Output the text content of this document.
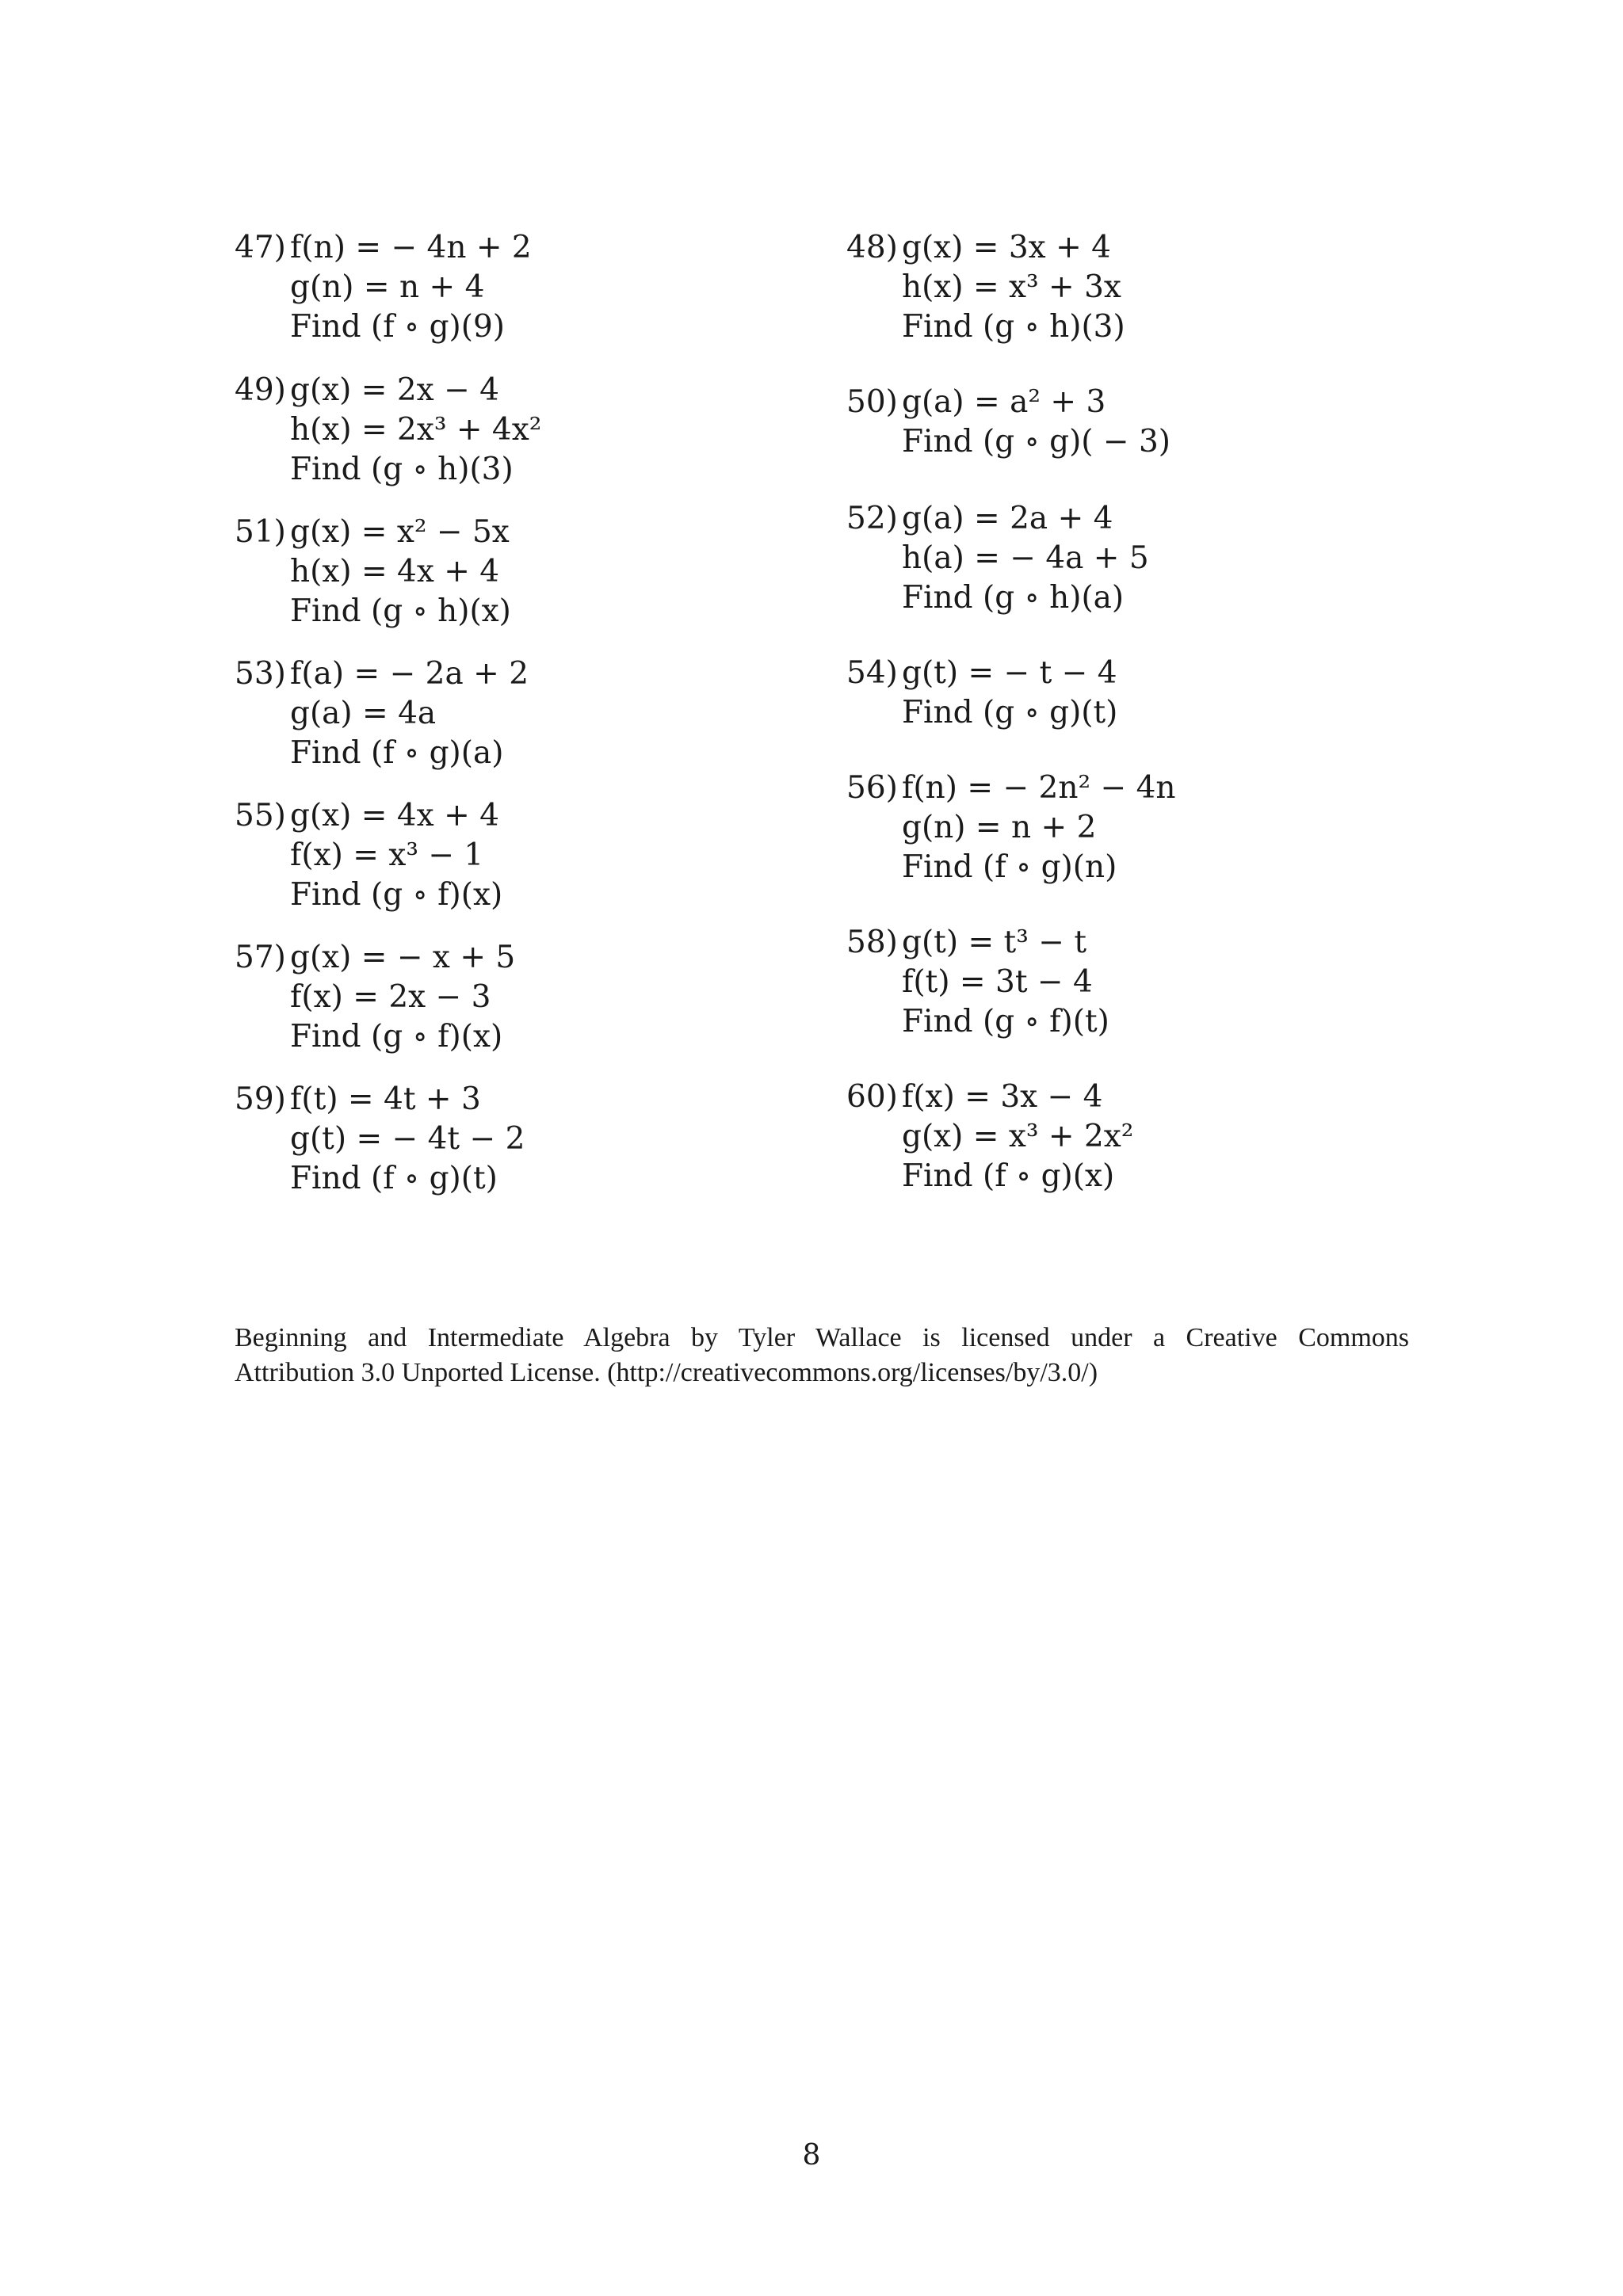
47) f(n) = − 4n + 2
g(n) = n + 4
Find (f ∘ g)(9)
49) g(x) = 2x − 4
h(x) = 2x³ + 4x²
Find (g ∘ h)(3)
51) g(x) = x² − 5x
h(x) = 4x + 4
Find (g ∘ h)(x)
53) f(a) = − 2a + 2
g(a) = 4a
Find (f ∘ g)(a)
55) g(x) = 4x + 4
f(x) = x³ − 1
Find (g ∘ f)(x)
57) g(x) = − x + 5
f(x) = 2x − 3
Find (g ∘ f)(x)
59) f(t) = 4t + 3
g(t) = − 4t − 2
Find (f ∘ g)(t)
48) g(x) = 3x + 4
h(x) = x³ + 3x
Find (g ∘ h)(3)
50) g(a) = a² + 3
Find (g ∘ g)( − 3)
52) g(a) = 2a + 4
h(a) = − 4a + 5
Find (g ∘ h)(a)
54) g(t) = − t − 4
Find (g ∘ g)(t)
56) f(n) = − 2n² − 4n
g(n) = n + 2
Find (f ∘ g)(n)
58) g(t) = t³ − t
f(t) = 3t − 4
Find (g ∘ f)(t)
60) f(x) = 3x − 4
g(x) = x³ + 2x²
Find (f ∘ g)(x)
Beginning and Intermediate Algebra by Tyler Wallace is licensed under a Creative Commons
Attribution 3.0 Unported License. (http://creativecommons.org/licenses/by/3.0/)
8
